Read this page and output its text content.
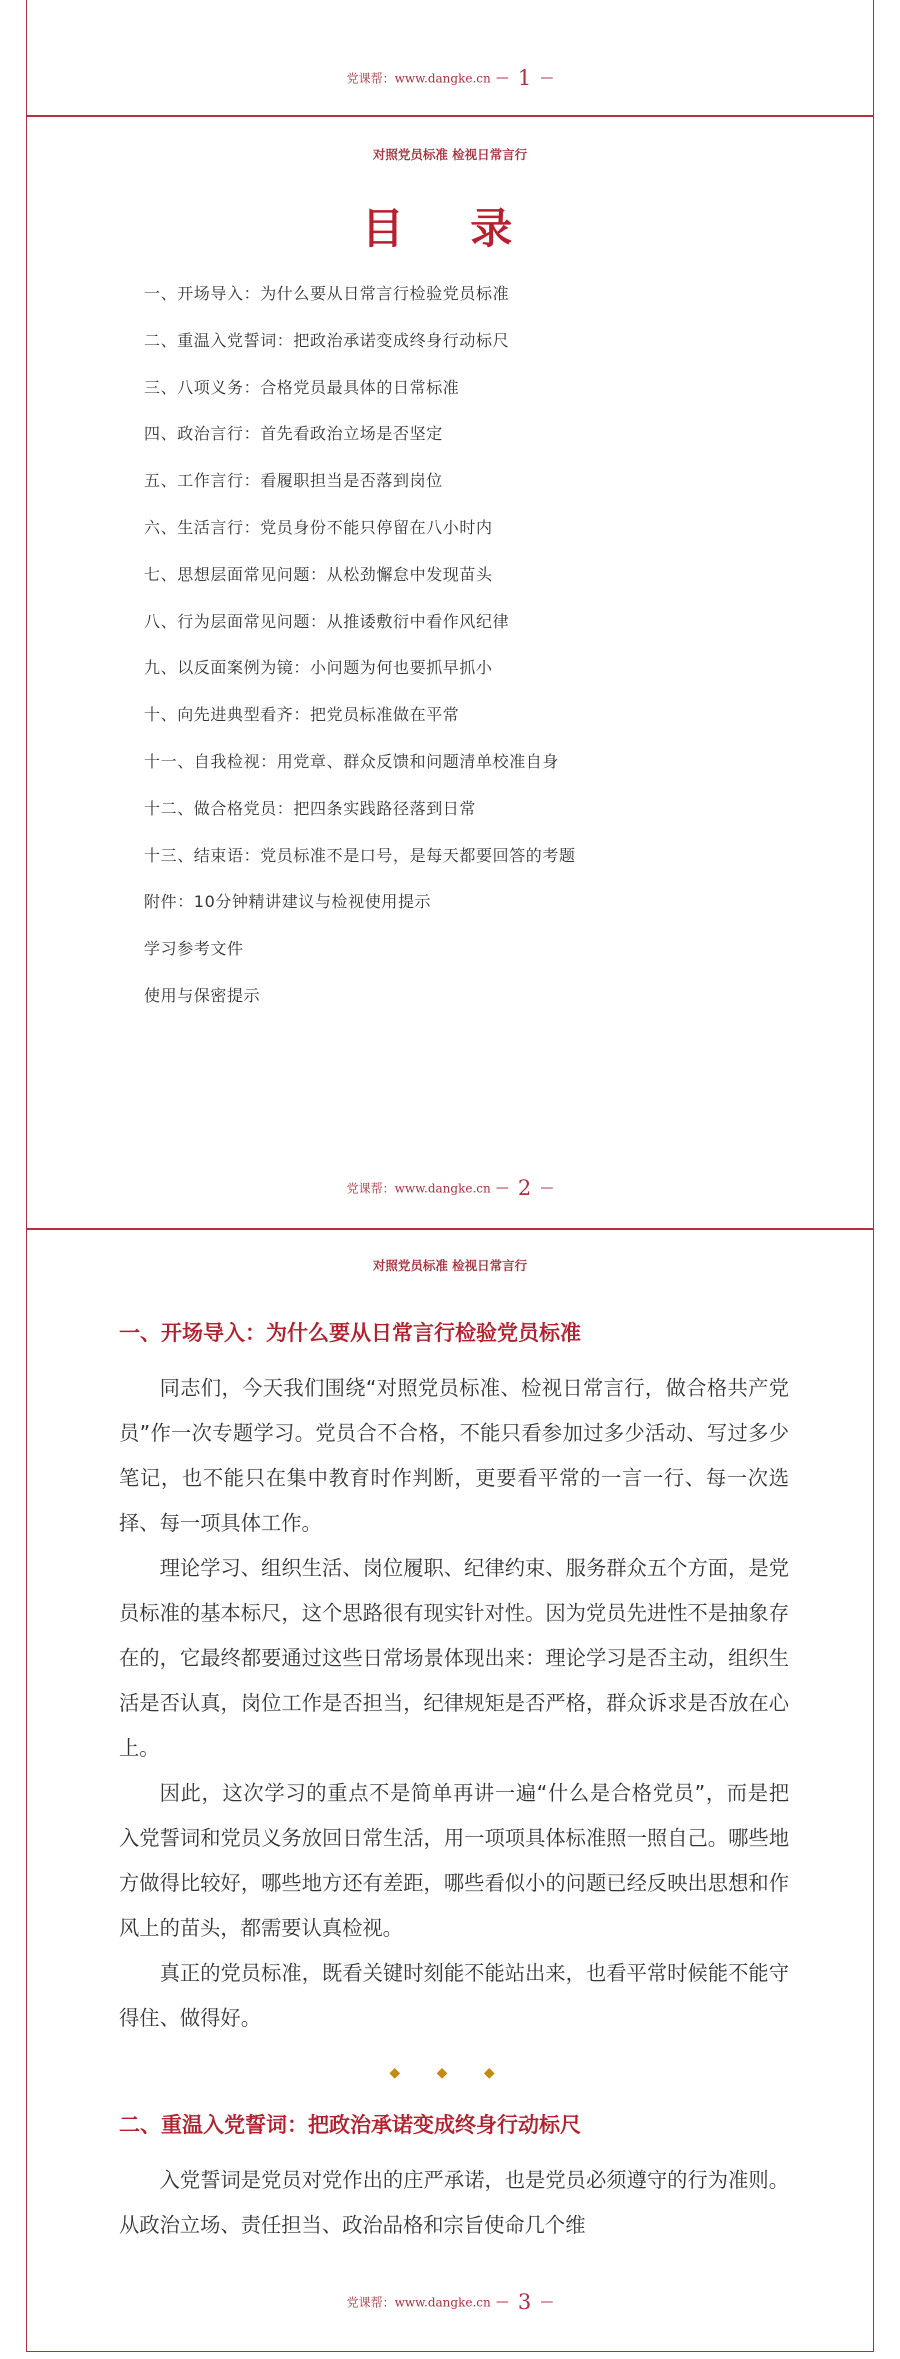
党课帮：www.dangke.cn — 1 —
对照党员标准 检视日常言行
目 录
一、开场导入：为什么要从日常言行检验党员标准
二、重温入党誓词：把政治承诺变成终身行动标尺
三、八项义务：合格党员最具体的日常标准
四、政治言行：首先看政治立场是否坚定
五、工作言行：看履职担当是否落到岗位
六、生活言行：党员身份不能只停留在八小时内
七、思想层面常见问题：从松劲懈怠中发现苗头
八、行为层面常见问题：从推诿敷衍中看作风纪律
九、以反面案例为镜：小问题为何也要抓早抓小
十、向先进典型看齐：把党员标准做在平常
十一、自我检视：用党章、群众反馈和问题清单校准自身
十二、做合格党员：把四条实践路径落到日常
十三、结束语：党员标准不是口号，是每天都要回答的考题
附件：10分钟精讲建议与检视使用提示
学习参考文件
使用与保密提示
党课帮：www.dangke.cn — 2 —
对照党员标准 检视日常言行
一、开场导入：为什么要从日常言行检验党员标准

同志们，今天我们围绕“对照党员标准、检视日常言行，做合格共产党员”作一次专题学习。党员合不合格，不能只看参加过多少活动、写过多少笔记，也不能只在集中教育时作判断，更要看平常的一言一行、每一次选择、每一项具体工作。

理论学习、组织生活、岗位履职、纪律约束、服务群众五个方面，是党员标准的基本标尺，这个思路很有现实针对性。因为党员先进性不是抽象存在的，它最终都要通过这些日常场景体现出来：理论学习是否主动，组织生活是否认真，岗位工作是否担当，纪律规矩是否严格，群众诉求是否放在心上。

因此，这次学习的重点不是简单再讲一遍“什么是合格党员”，而是把入党誓词和党员义务放回日常生活，用一项项具体标准照一照自己。哪些地方做得比较好，哪些地方还有差距，哪些看似小的问题已经反映出思想和作风上的苗头，都需要认真检视。

真正的党员标准，既看关键时刻能不能站出来，也看平常时候能不能守得住、做得好。

◆ ◆ ◆
二、重温入党誓词：把政治承诺变成终身行动标尺

入党誓词是党员对党作出的庄严承诺，也是党员必须遵守的行为准则。从政治立场、责任担当、政治品格和宗旨使命几个维

党课帮：www.dangke.cn — 3 —
